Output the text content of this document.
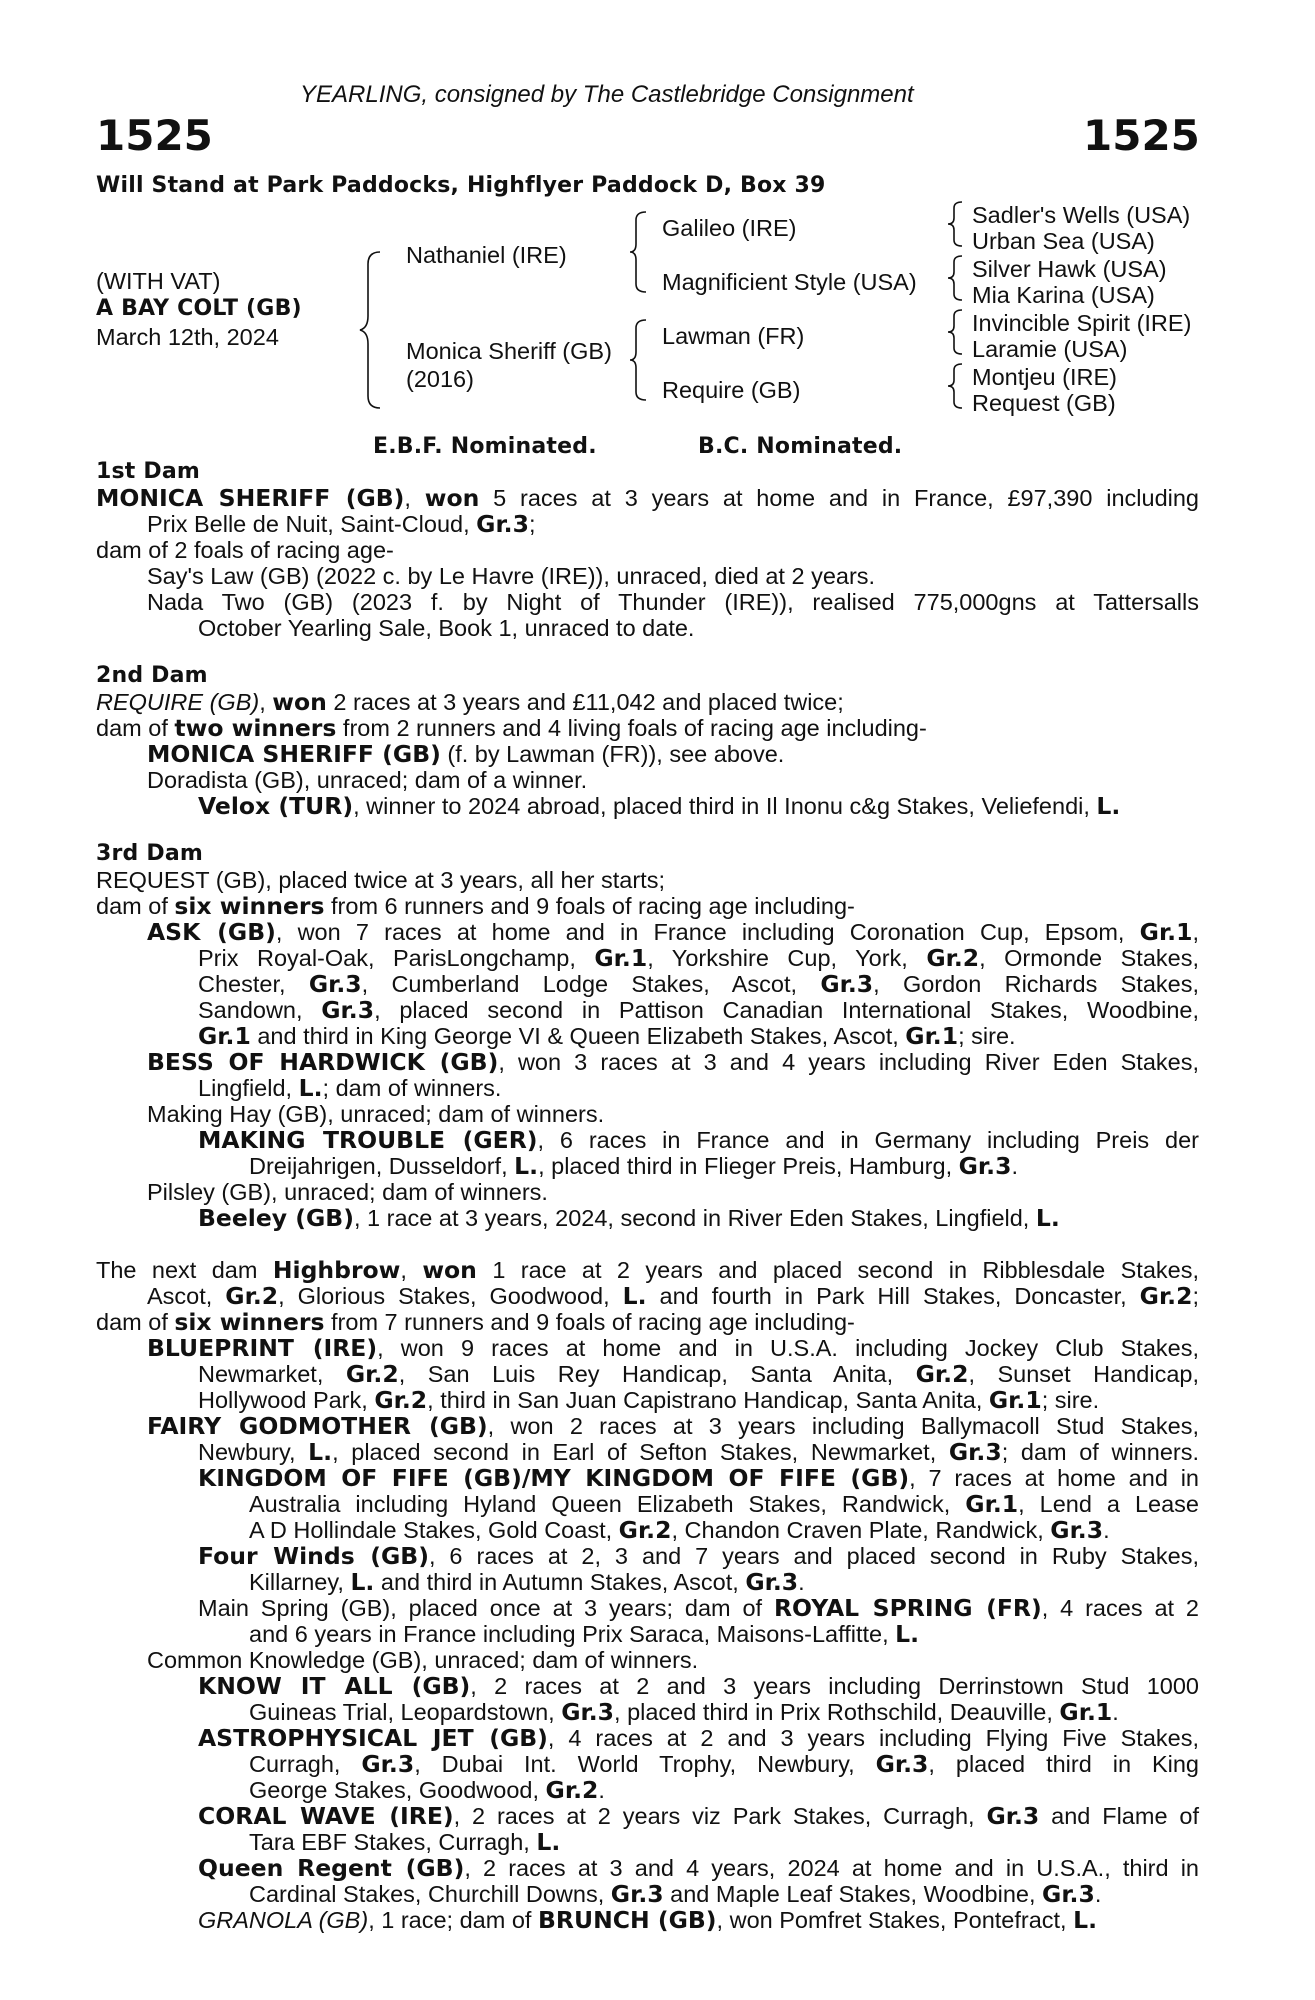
YEARLING, consigned by The Castlebridge Consignment
1525	1525
Will Stand at Park Paddocks, Highflyer Paddock D, Box 39
(WITH VAT)
A BAY COLT (GB)
March 12th, 2024
Nathaniel (IRE)
Monica Sheriff (GB)
(2016)
Galileo (IRE)
Magnificient Style (USA)
Lawman (FR)
Require (GB)
Sadler's Wells (USA)
Urban Sea (USA)
Silver Hawk (USA)
Mia Karina (USA)
Invincible Spirit (IRE)
Laramie (USA)
Montjeu (IRE)
Request (GB)
E.B.F. Nominated.	B.C. Nominated.
1st Dam
MONICA SHERIFF (GB), won 5 races at 3 years at home and in France, £97,390 including
Prix Belle de Nuit, Saint-Cloud, Gr.3;
dam of 2 foals of racing age-
Say's Law (GB) (2022 c. by Le Havre (IRE)), unraced, died at 2 years.
Nada Two (GB) (2023 f. by Night of Thunder (IRE)), realised 775,000gns at Tattersalls
October Yearling Sale, Book 1, unraced to date.
2nd Dam
REQUIRE (GB), won 2 races at 3 years and £11,042 and placed twice;
dam of two winners from 2 runners and 4 living foals of racing age including-
MONICA SHERIFF (GB) (f. by Lawman (FR)), see above.
Doradista (GB), unraced; dam of a winner.
Velox (TUR), winner to 2024 abroad, placed third in Il Inonu c&g Stakes, Veliefendi, L.
3rd Dam
REQUEST (GB), placed twice at 3 years, all her starts;
dam of six winners from 6 runners and 9 foals of racing age including-
ASK (GB), won 7 races at home and in France including Coronation Cup, Epsom, Gr.1,
Prix Royal-Oak, ParisLongchamp, Gr.1, Yorkshire Cup, York, Gr.2, Ormonde Stakes,
Chester, Gr.3, Cumberland Lodge Stakes, Ascot, Gr.3, Gordon Richards Stakes,
Sandown, Gr.3, placed second in Pattison Canadian International Stakes, Woodbine,
Gr.1 and third in King George VI & Queen Elizabeth Stakes, Ascot, Gr.1; sire.
BESS OF HARDWICK (GB), won 3 races at 3 and 4 years including River Eden Stakes,
Lingfield, L.; dam of winners.
Making Hay (GB), unraced; dam of winners.
MAKING TROUBLE (GER), 6 races in France and in Germany including Preis der
Dreijahrigen, Dusseldorf, L., placed third in Flieger Preis, Hamburg, Gr.3.
Pilsley (GB), unraced; dam of winners.
Beeley (GB), 1 race at 3 years, 2024, second in River Eden Stakes, Lingfield, L.
The next dam Highbrow, won 1 race at 2 years and placed second in Ribblesdale Stakes,
Ascot, Gr.2, Glorious Stakes, Goodwood, L. and fourth in Park Hill Stakes, Doncaster, Gr.2;
dam of six winners from 7 runners and 9 foals of racing age including-
BLUEPRINT (IRE), won 9 races at home and in U.S.A. including Jockey Club Stakes,
Newmarket, Gr.2, San Luis Rey Handicap, Santa Anita, Gr.2, Sunset Handicap,
Hollywood Park, Gr.2, third in San Juan Capistrano Handicap, Santa Anita, Gr.1; sire.
FAIRY GODMOTHER (GB), won 2 races at 3 years including Ballymacoll Stud Stakes,
Newbury, L., placed second in Earl of Sefton Stakes, Newmarket, Gr.3; dam of winners.
KINGDOM OF FIFE (GB)/MY KINGDOM OF FIFE (GB), 7 races at home and in
Australia including Hyland Queen Elizabeth Stakes, Randwick, Gr.1, Lend a Lease
A D Hollindale Stakes, Gold Coast, Gr.2, Chandon Craven Plate, Randwick, Gr.3.
Four Winds (GB), 6 races at 2, 3 and 7 years and placed second in Ruby Stakes,
Killarney, L. and third in Autumn Stakes, Ascot, Gr.3.
Main Spring (GB), placed once at 3 years; dam of ROYAL SPRING (FR), 4 races at 2
and 6 years in France including Prix Saraca, Maisons-Laffitte, L.
Common Knowledge (GB), unraced; dam of winners.
KNOW IT ALL (GB), 2 races at 2 and 3 years including Derrinstown Stud 1000
Guineas Trial, Leopardstown, Gr.3, placed third in Prix Rothschild, Deauville, Gr.1.
ASTROPHYSICAL JET (GB), 4 races at 2 and 3 years including Flying Five Stakes,
Curragh, Gr.3, Dubai Int. World Trophy, Newbury, Gr.3, placed third in King
George Stakes, Goodwood, Gr.2.
CORAL WAVE (IRE), 2 races at 2 years viz Park Stakes, Curragh, Gr.3 and Flame of
Tara EBF Stakes, Curragh, L.
Queen Regent (GB), 2 races at 3 and 4 years, 2024 at home and in U.S.A., third in
Cardinal Stakes, Churchill Downs, Gr.3 and Maple Leaf Stakes, Woodbine, Gr.3.
GRANOLA (GB), 1 race; dam of BRUNCH (GB), won Pomfret Stakes, Pontefract, L.
